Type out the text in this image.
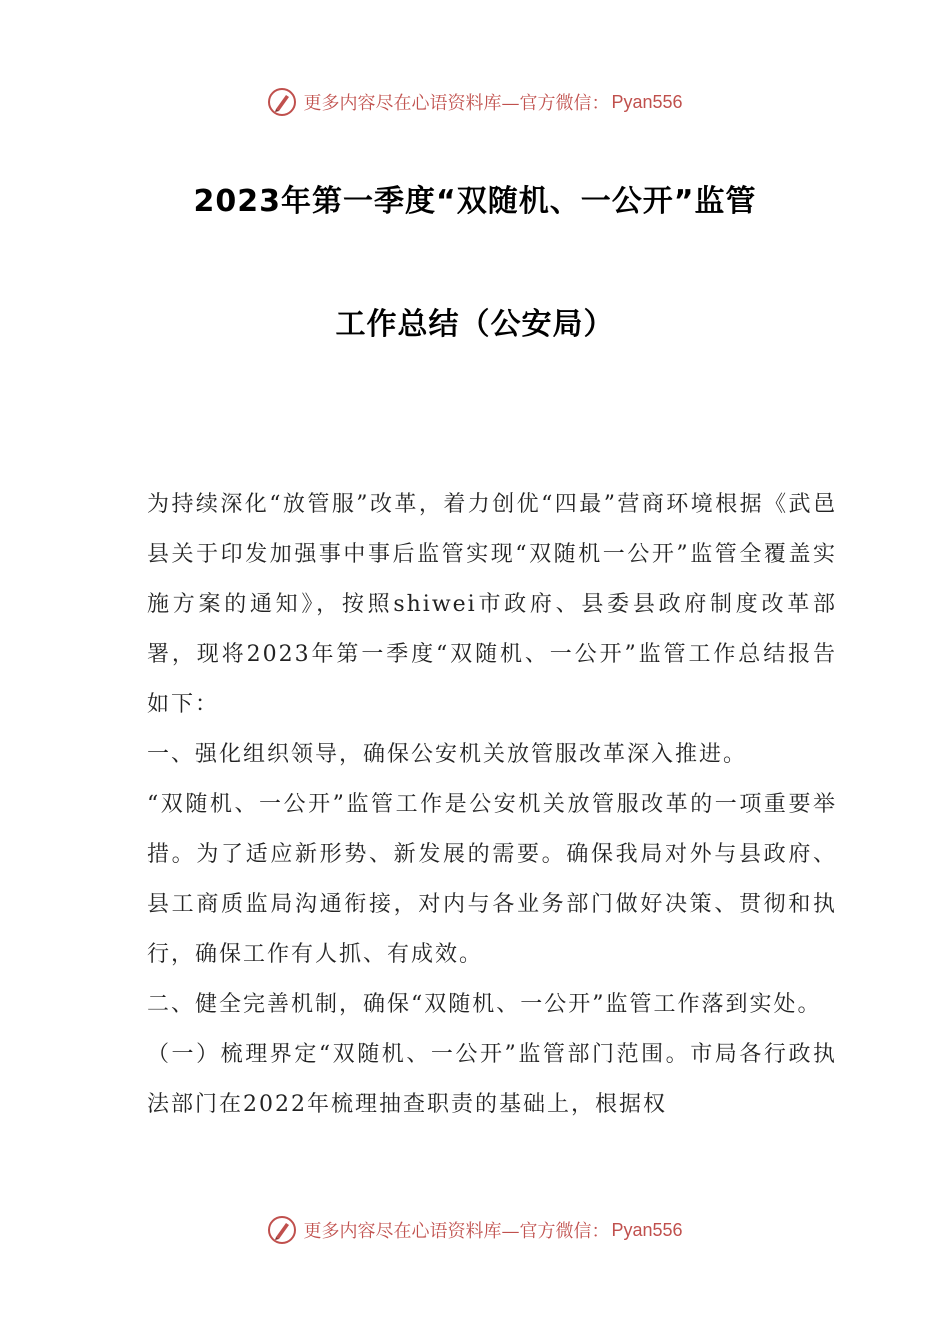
更多内容尽在心语资料库—官方微信： Pyan556
2023年第一季度“双随机、一公开”监管
工作总结（公安局）

为持续深化“放管服”改革，着力创优“四最”营商环境根据《武邑县关于印发加强事中事后监管实现“双随机一公开”监管全覆盖实施方案的通知》，按照shiwei市政府、县委县政府制度改革部署，现将2023年第一季度“双随机、一公开”监管工作总结报告如下：

一、强化组织领导，确保公安机关放管服改革深入推进。

“双随机、一公开”监管工作是公安机关放管服改革的一项重要举措。为了适应新形势、新发展的需要。确保我局对外与县政府、县工商质监局沟通衔接，对内与各业务部门做好决策、贯彻和执行，确保工作有人抓、有成效。

二、健全完善机制，确保“双随机、一公开”监管工作落到实处。

（一）梳理界定“双随机、一公开”监管部门范围。市局各行政执法部门在2022年梳理抽查职责的基础上，根据权

更多内容尽在心语资料库—官方微信： Pyan556
